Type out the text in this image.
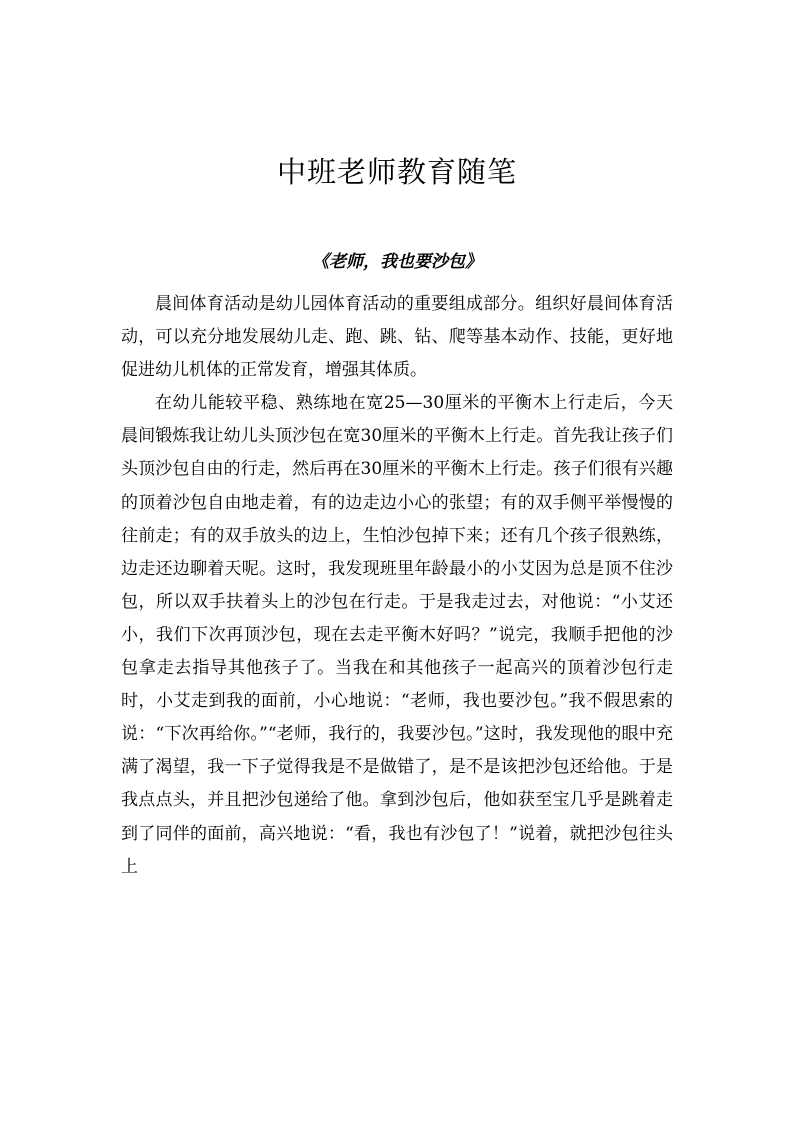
中班老师教育随笔
《老师，我也要沙包》

晨间体育活动是幼儿园体育活动的重要组成部分。组织好晨间体育活动，可以充分地发展幼儿走、跑、跳、钻、爬等基本动作、技能，更好地促进幼儿机体的正常发育，增强其体质。

在幼儿能较平稳、熟练地在宽25—30厘米的平衡木上行走后，今天晨间锻炼我让幼儿头顶沙包在宽30厘米的平衡木上行走。首先我让孩子们头顶沙包自由的行走，然后再在30厘米的平衡木上行走。孩子们很有兴趣的顶着沙包自由地走着，有的边走边小心的张望；有的双手侧平举慢慢的往前走；有的双手放头的边上，生怕沙包掉下来；还有几个孩子很熟练，边走还边聊着天呢。这时，我发现班里年龄最小的小艾因为总是顶不住沙包，所以双手扶着头上的沙包在行走。于是我走过去，对他说：“小艾还小，我们下次再顶沙包，现在去走平衡木好吗？”说完，我顺手把他的沙包拿走去指导其他孩子了。当我在和其他孩子一起高兴的顶着沙包行走时，小艾走到我的面前，小心地说：“老师，我也要沙包。”我不假思索的说：“下次再给你。”“老师，我行的，我要沙包。”这时，我发现他的眼中充满了渴望，我一下子觉得我是不是做错了，是不是该把沙包还给他。于是我点点头，并且把沙包递给了他。拿到沙包后，他如获至宝几乎是跳着走到了同伴的面前，高兴地说：“看，我也有沙包了！”说着，就把沙包往头上
